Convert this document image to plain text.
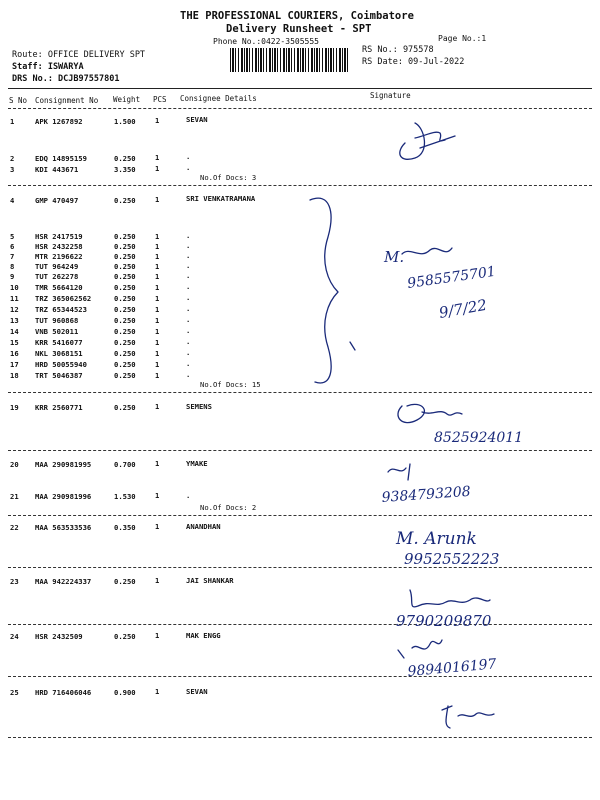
THE PROFESSIONAL COURIERS, Coimbatore
Delivery Runsheet - SPT
Phone No.:0422-3505555	Page No.:1
Route: OFFICE DELIVERY SPT
Staff: ISWARYA
DRS No.: DCJB97557801
RS No.: 975578
RS Date: 09-Jul-2022
S No Consignment No Weight PCS Consignee Details	Signature
1	APK 1267892	1.500	1	SEVAN
2	EDQ 14895159	0.250	1	.
3	KDI 443671	3.350	1	.
No.Of Docs: 3
4	GMP 470497	0.250	1	SRI VENKATRAMANA
5	HSR 2417519	0.250	1	.
6	HSR 2432258	0.250	1	.
7	MTR 2196622	0.250	1	.
8	TUT 964249	0.250	1	.
9	TUT 262278	0.250	1	.
10 TMR 5664120	0.250	1	.
11 TRZ 365062562	0.250	1	.
12 TRZ 65344523	0.250	1	.
13 TUT 960868	0.250	1	.
14 VNB 502011	0.250	1	.
15 KRR 5416077	0.250	1	.
16 NKL 3068151	0.250	1	.
17 HRD 50055940	0.250	1	.
18 TRT 5046387	0.250	1	.
No.Of Docs: 15
19 KRR 2560771	0.250	1	SEMENS
20 MAA 290981995	0.700	1	YMAKE
21 MAA 290981996	1.530	1	.
No.Of Docs: 2
22 MAA 563533536	0.350	1	ANANDHAN
23 MAA 942224337	0.250	1	JAI SHANKAR
24 HSR 2432509	0.250	1	MAK ENGG
25 HRD 716406046	0.900	1	SEVAN
M.
9585575701
9/7/22
8525924011
9384793208
M. Arunk
9952552223
9790209870
9894016197
